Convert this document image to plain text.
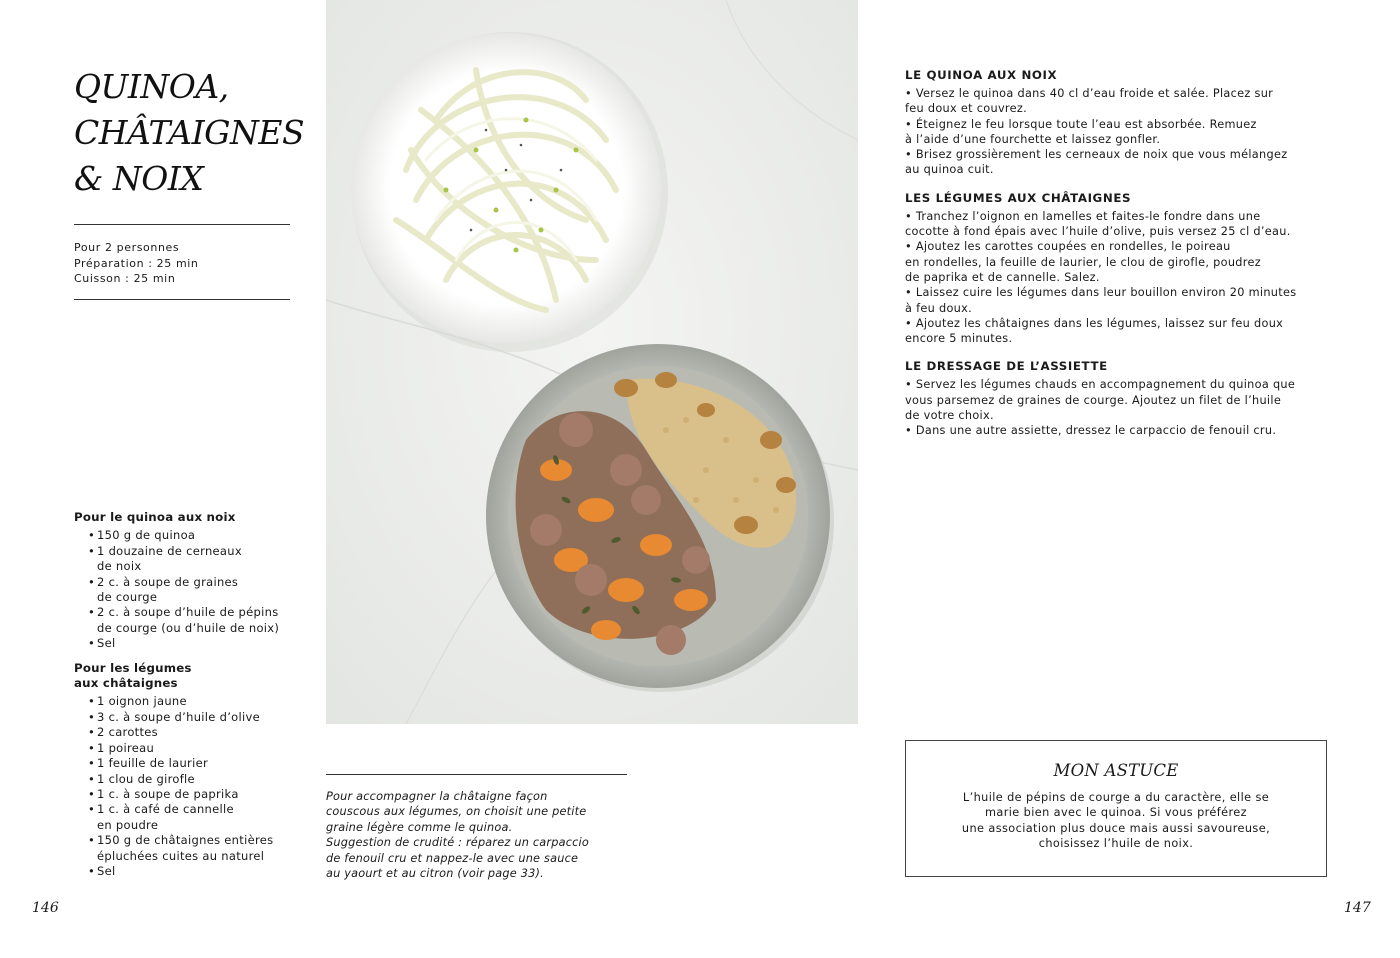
QUINOA,
CHÂTAIGNES
& NOIX
Pour 2 personnes
Préparation : 25 min
Cuisson : 25 min
Pour le quinoa aux noix
• 150 g de quinoa
• 1 douzaine de cerneaux
de noix
• 2 c. à soupe de graines
de courge
• 2 c. à soupe d’huile de pépins
de courge (ou d’huile de noix)
• Sel
Pour les légumes
aux châtaignes
• 1 oignon jaune
• 3 c. à soupe d’huile d’olive
• 2 carottes
• 1 poireau
• 1 feuille de laurier
• 1 clou de girofle
• 1 c. à soupe de paprika
• 1 c. à café de cannelle
en poudre
• 150 g de châtaignes entières
épluchées cuites au naturel
• Sel
Pour accompagner la châtaigne façon
couscous aux légumes, on choisit une petite
graine légère comme le quinoa.
Suggestion de crudité : réparez un carpaccio
de fenouil cru et nappez-le avec une sauce
au yaourt et au citron (voir page 33).
LE QUINOA AUX NOIX

• Versez le quinoa dans 40 cl d’eau froide et salée. Placez sur

feu doux et couvrez.

• Éteignez le feu lorsque toute l’eau est absorbée. Remuez

à l’aide d’une fourchette et laissez gonfler.

• Brisez grossièrement les cerneaux de noix que vous mélangez

au quinoa cuit.

LES LÉGUMES AUX CHÂTAIGNES

• Tranchez l’oignon en lamelles et faites-le fondre dans une

cocotte à fond épais avec l’huile d’olive, puis versez 25 cl d’eau.

• Ajoutez les carottes coupées en rondelles, le poireau

en rondelles, la feuille de laurier, le clou de girofle, poudrez

de paprika et de cannelle. Salez.

• Laissez cuire les légumes dans leur bouillon environ 20 minutes

à feu doux.

• Ajoutez les châtaignes dans les légumes, laissez sur feu doux

encore 5 minutes.

LE DRESSAGE DE L’ASSIETTE

• Servez les légumes chauds en accompagnement du quinoa que

vous parsemez de graines de courge. Ajoutez un filet de l’huile

de votre choix.

• Dans une autre assiette, dressez le carpaccio de fenouil cru.

MON ASTUCE
L’huile de pépins de courge a du caractère, elle se
marie bien avec le quinoa. Si vous préférez
une association plus douce mais aussi savoureuse,
choisissez l’huile de noix.
146	147
